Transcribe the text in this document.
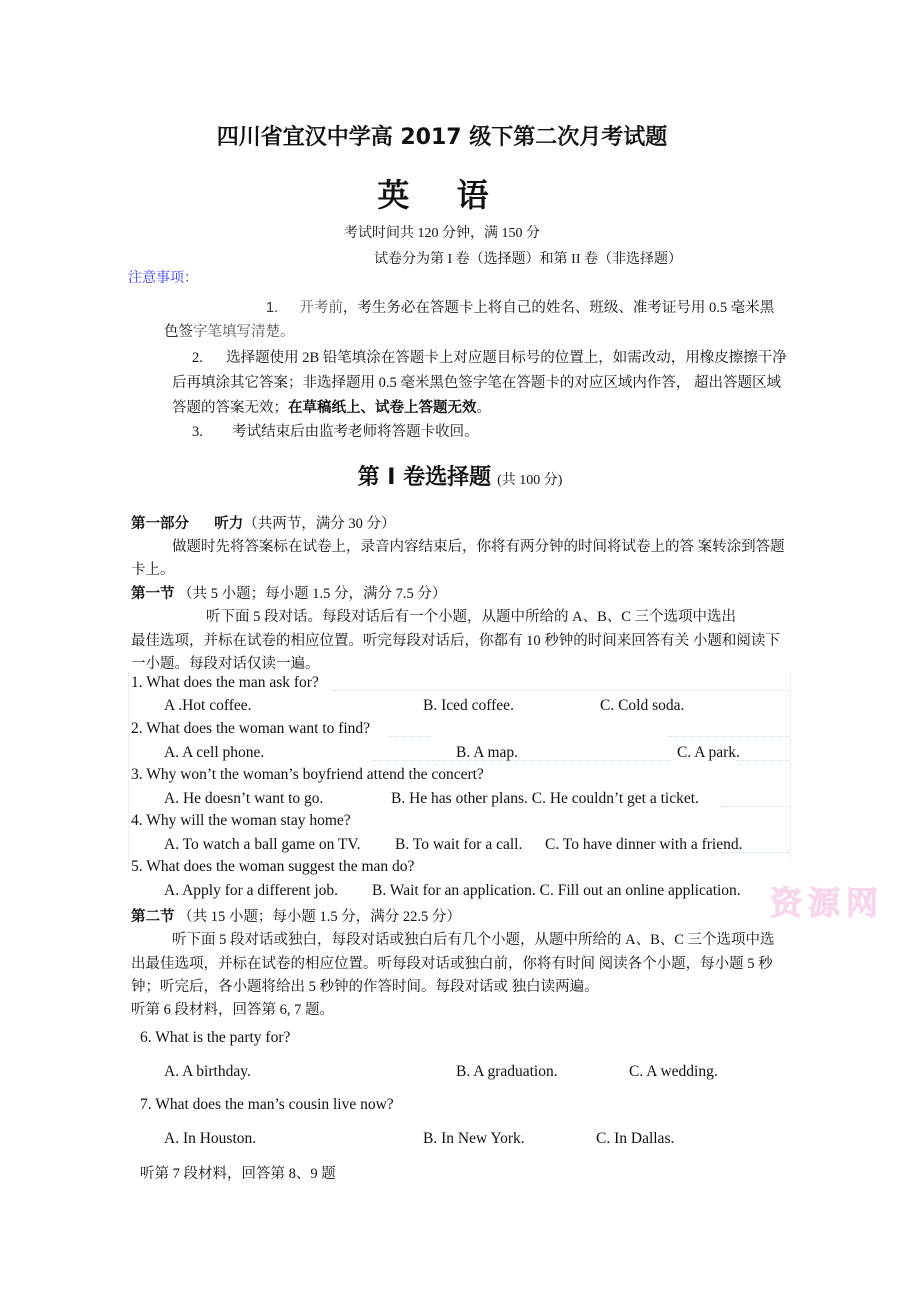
四川省宜汉中学高 2017 级下第二次月考试题
英 语
考试时间共 120 分钟，满 150 分
试卷分为第 I 卷（选择题）和第 II 卷（非选择题）
注意事项：
1. 开考前，考生务必在答题卡上将自己的姓名、班级、准考证号用 0.5 毫米黑
色签字笔填写清楚。
2. 选择题使用 2B 铅笔填涂在答题卡上对应题目标号的位置上，如需改动，用橡皮擦擦干净
后再填涂其它答案；非选择题用 0.5 毫米黑色签字笔在答题卡的对应区域内作答， 超出答题区域
答题的答案无效；在草稿纸上、试卷上答题无效。
3. 考试结束后由监考老师将答题卡收回。
第 I 卷选择题 (共 100 分)
第一部分 听力（共两节，满分 30 分）
做题时先将答案标在试卷上，录音内容结束后，你将有两分钟的时间将试卷上的答 案转涂到答题
卡上。
第一节 （共 5 小题；每小题 1.5 分，满分 7.5 分）
听下面 5 段对话。每段对话后有一个小题，从题中所给的 A、B、C 三个选项中选出
最佳选项，并标在试卷的相应位置。听完每段对话后，你都有 10 秒钟的时间来回答有关 小题和阅读下
一小题。每段对话仅读一遍。
1. What does the man ask for?
A .Hot coffee.	B. Iced coffee.	C. Cold soda.
2. What does the woman want to find?
A. A cell phone.	B. A map.	C. A park.
3. Why won’t the woman’s boyfriend attend the concert?
A. He doesn’t want to go.	B. He has other plans. C. He couldn’t get a ticket.
4. Why will the woman stay home?
A. To watch a ball game on TV. B. To wait for a call. C. To have dinner with a friend.
5. What does the woman suggest the man do?
A. Apply for a different job. B. Wait for an application. C. Fill out an online application. 资源网
第二节 （共 15 小题；每小题 1.5 分，满分 22.5 分）
听下面 5 段对话或独白，每段对话或独白后有几个小题，从题中所给的 A、B、C 三个选项中选
出最佳选项，并标在试卷的相应位置。听每段对话或独白前，你将有时间 阅读各个小题，每小题 5 秒
钟；听完后，各小题将给出 5 秒钟的作答时间。每段对话或 独白读两遍。
听第 6 段材料，回答第 6, 7 题。
6. What is the party for?
A. A birthday.	B. A graduation.	C. A wedding.
7. What does the man’s cousin live now?
A. In Houston.	B. In New York.	C. In Dallas.
听第 7 段材料，回答第 8、9 题
